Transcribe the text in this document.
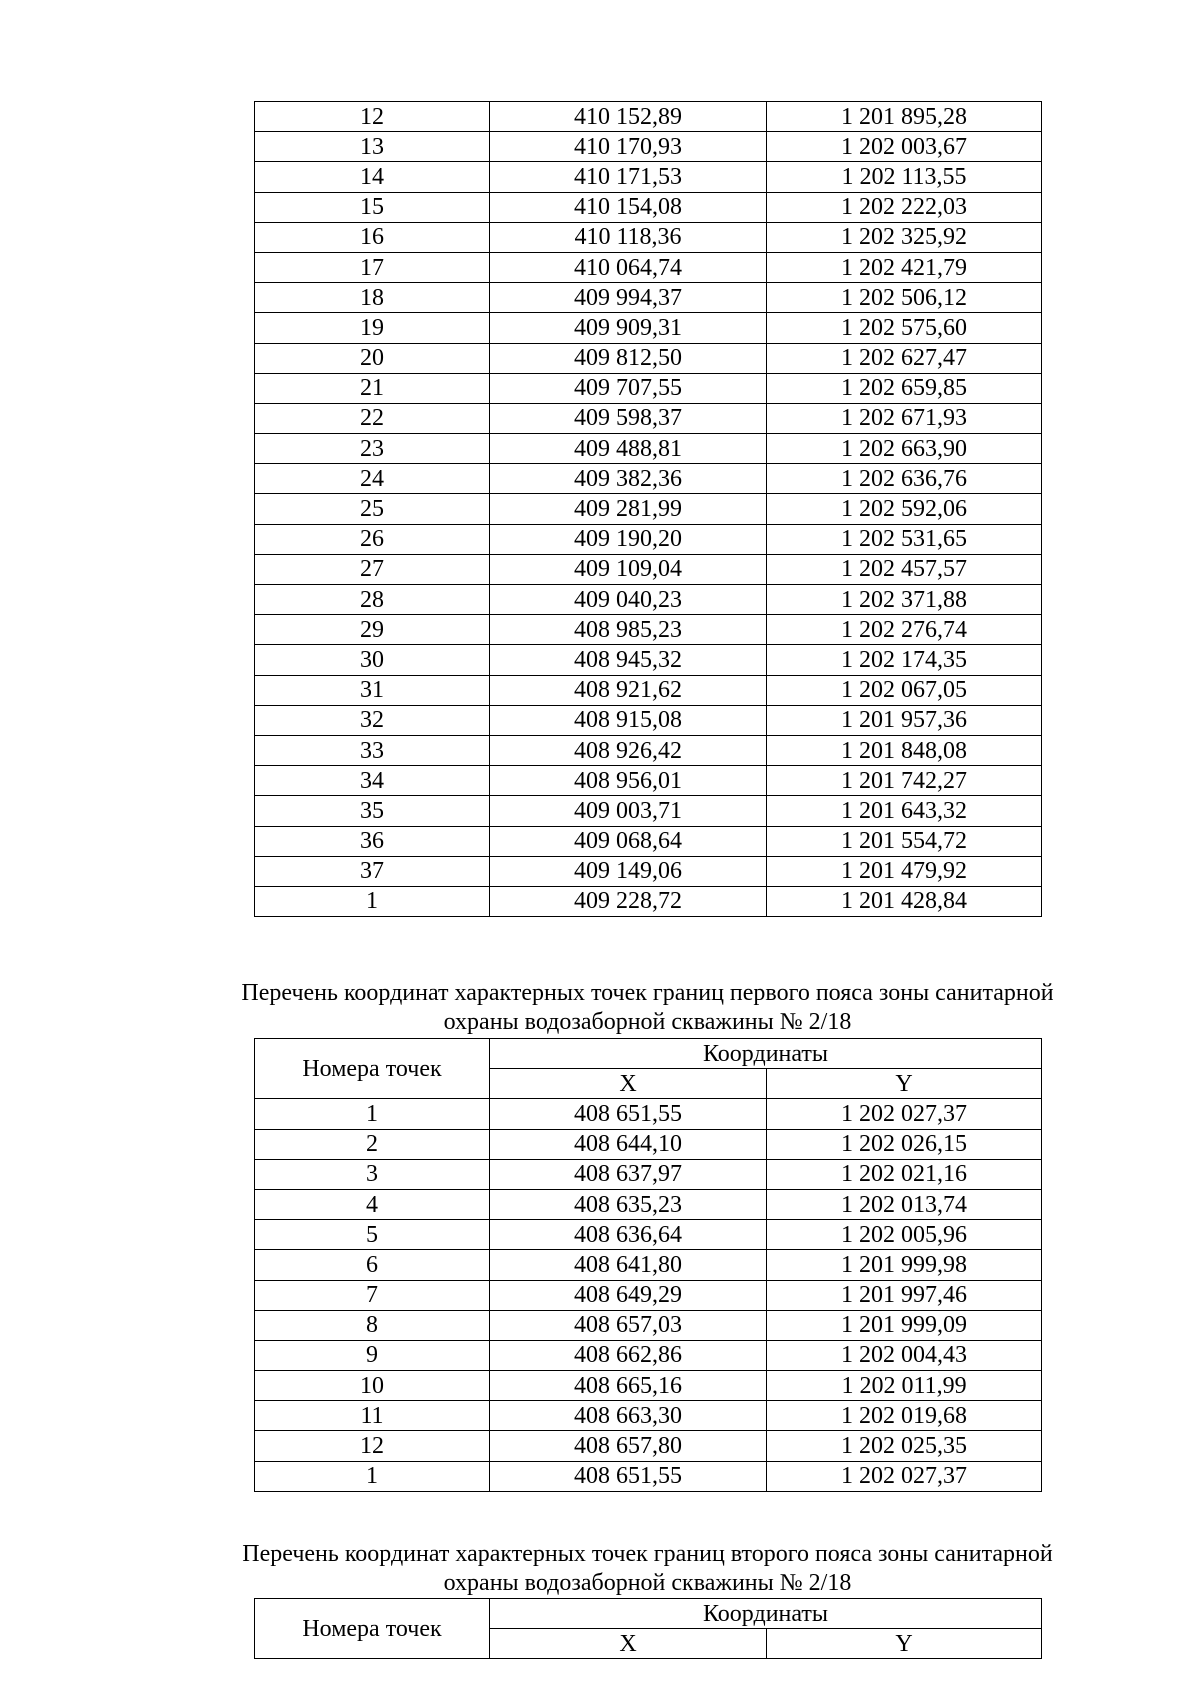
12	410 152,89	1 201 895,28
13	410 170,93	1 202 003,67
14	410 171,53	1 202 113,55
15	410 154,08	1 202 222,03
16	410 118,36	1 202 325,92
17	410 064,74	1 202 421,79
18	409 994,37	1 202 506,12
19	409 909,31	1 202 575,60
20	409 812,50	1 202 627,47
21	409 707,55	1 202 659,85
22	409 598,37	1 202 671,93
23	409 488,81	1 202 663,90
24	409 382,36	1 202 636,76
25	409 281,99	1 202 592,06
26	409 190,20	1 202 531,65
27	409 109,04	1 202 457,57
28	409 040,23	1 202 371,88
29	408 985,23	1 202 276,74
30	408 945,32	1 202 174,35
31	408 921,62	1 202 067,05
32	408 915,08	1 201 957,36
33	408 926,42	1 201 848,08
34	408 956,01	1 201 742,27
35	409 003,71	1 201 643,32
36	409 068,64	1 201 554,72
37	409 149,06	1 201 479,92
1	409 228,72	1 201 428,84
Перечень координат характерных точек границ первого пояса зоны санитарной
охраны водозаборной скважины № 2/18
Номера точек	Координаты	
	X	Y
1	408 651,55	1 202 027,37
2	408 644,10	1 202 026,15
3	408 637,97	1 202 021,16
4	408 635,23	1 202 013,74
5	408 636,64	1 202 005,96
6	408 641,80	1 201 999,98
7	408 649,29	1 201 997,46
8	408 657,03	1 201 999,09
9	408 662,86	1 202 004,43
10	408 665,16	1 202 011,99
11	408 663,30	1 202 019,68
12	408 657,80	1 202 025,35
1	408 651,55	1 202 027,37
Перечень координат характерных точек границ второго пояса зоны санитарной
охраны водозаборной скважины № 2/18
Номера точек	Координаты	
	X	Y
